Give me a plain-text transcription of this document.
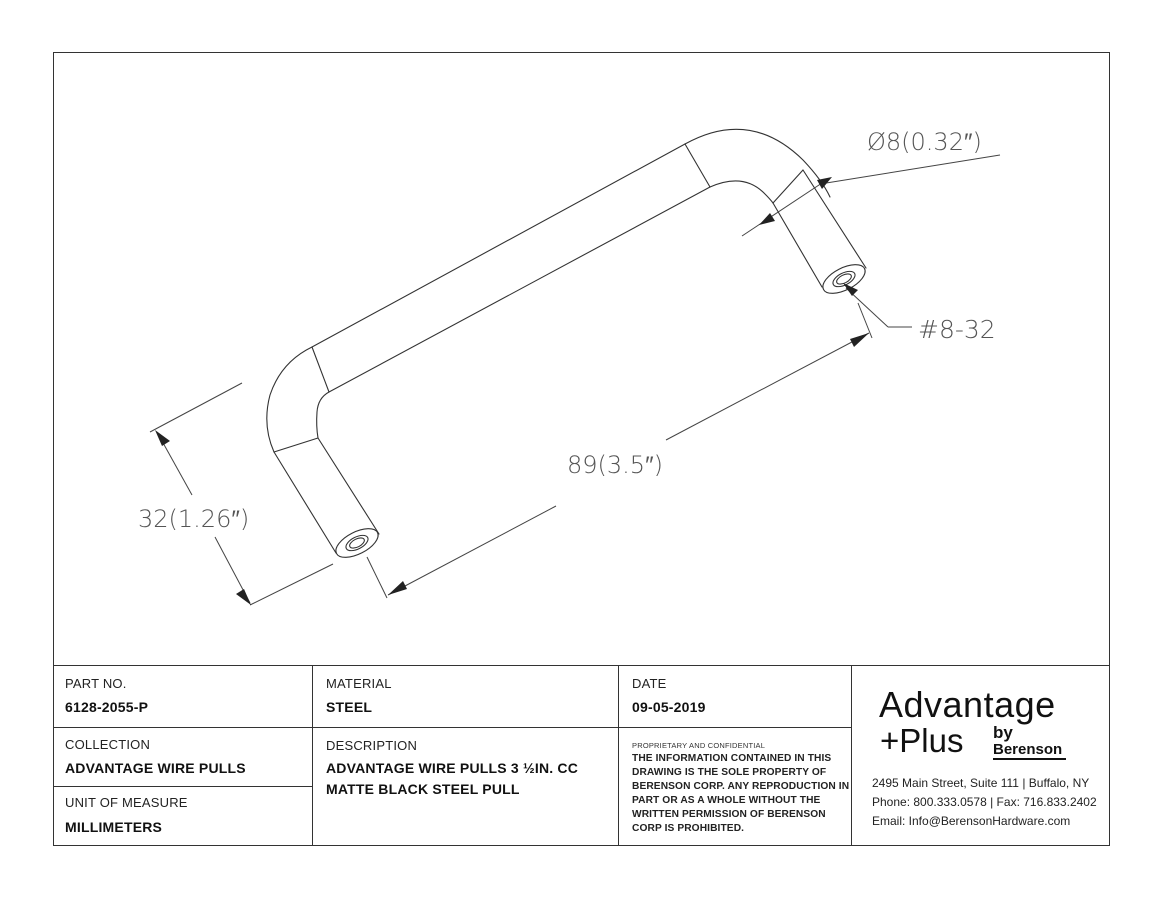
Ø8(0.32″)
#8-32
89(3.5″)
32(1.26″)
PART NO.
6128-2055-P
MATERIAL
STEEL
DATE
09-05-2019
COLLECTION
ADVANTAGE WIRE PULLS
UNIT OF MEASURE
MILLIMETERS
DESCRIPTION
ADVANTAGE WIRE PULLS 3 ½IN. CC MATTE BLACK STEEL PULL
PROPRIETARY AND CONFIDENTIAL
THE INFORMATION CONTAINED IN THIS DRAWING IS THE SOLE PROPERTY OF BERENSON CORP. ANY REPRODUCTION IN PART OR AS A WHOLE WITHOUT THE WRITTEN PERMISSION OF BERENSON CORP IS PROHIBITED.
Advantage
+Plus by
Berenson
2495 Main Street, Suite 111 | Buffalo, NY
Phone: 800.333.0578 | Fax: 716.833.2402
Email: Info@BerensonHardware.com
